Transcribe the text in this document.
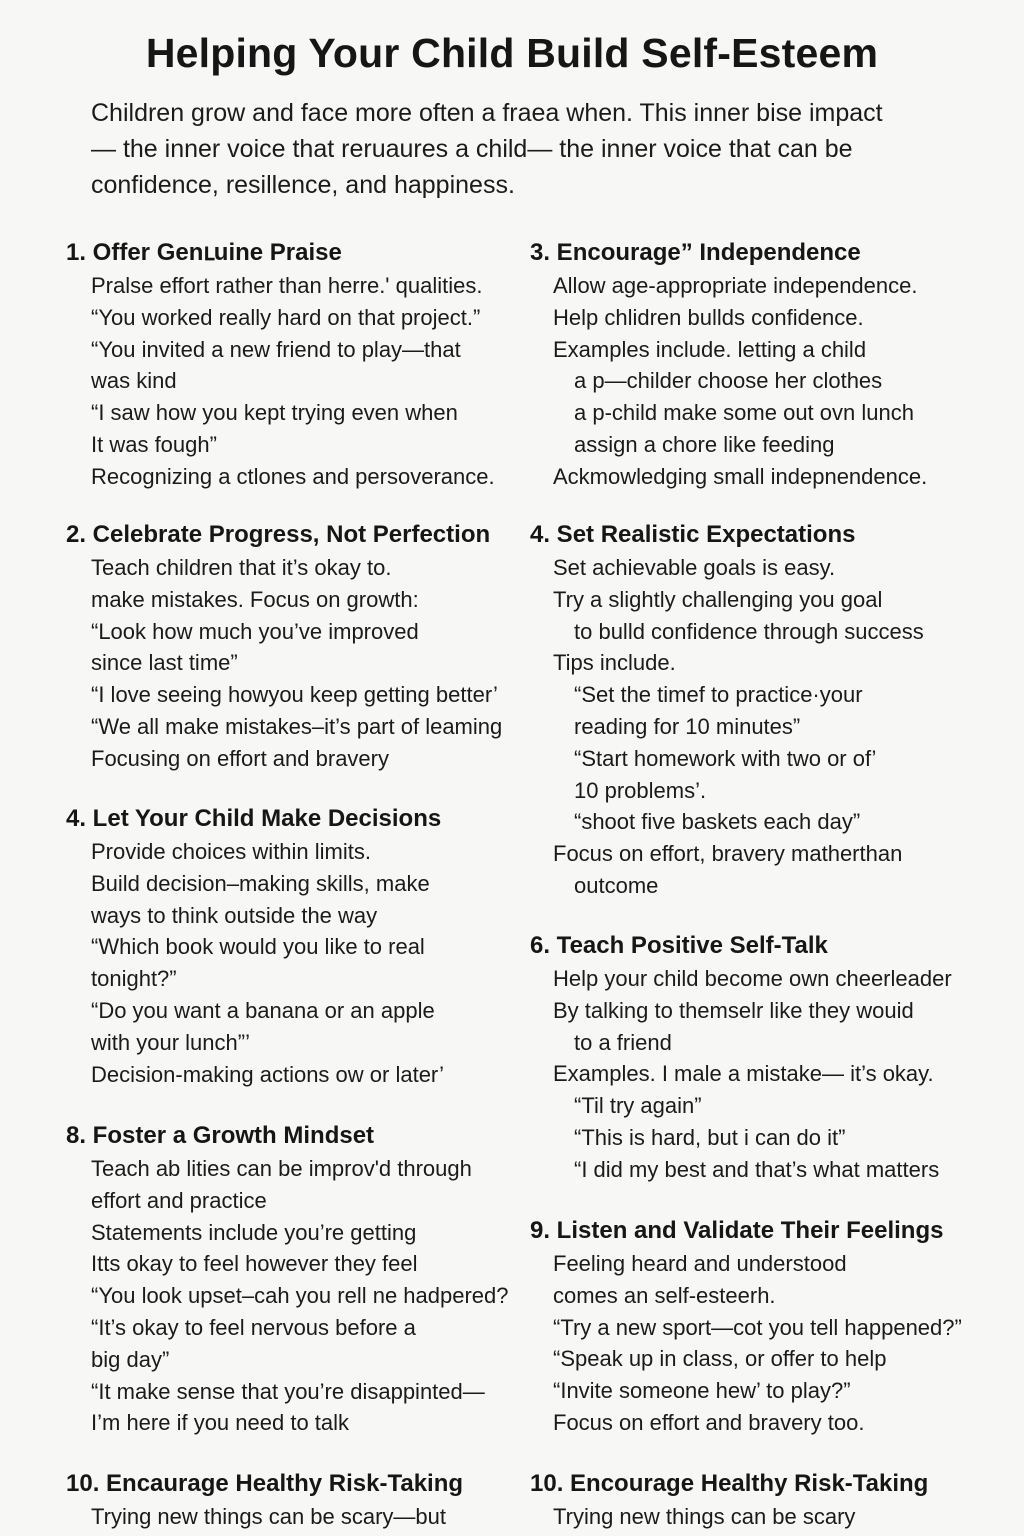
Helping Your Child Build Self-Esteem
Children grow and face more often a fraea when. This inner bise impact
— the inner voice that reruaures a child— the inner voice that can be
confidence, resillence, and happiness.
1. Offer Genւuine Praise
Pralse effort rather than herre.' qualities.
“You worked really hard on that project.”
“You invited a new friend to play—that
was kind
“I saw how you kept trying even when
It was fough”
Recognizing a ctlones and persoverance.
2. Celebrate Progress, Not Perfection
Teach children that it’s okay to.
make mistakes. Focus on growth:
“Look how much you’ve improved
since last time”
“I love seeing howyou keep getting better’
“We all make mistakes–it’s part of leaming
Focusing on effort and bravery
4. Let Your Child Make Decisions
Provide choices within limits.
Build decision–making skills, make
ways to think outside the way
“Which book would you like to real
tonight?”
“Do you want a banana or an apple
with your lunch”’
Decision-making actions ow or later’
8. Foster a Growth Mindset
Teach ab lities can be improv'd through
effort and practice
Statements include you’re getting
Itts okay to feel however they feel
“You look upset–cah you rell ne hadpered?
“It’s okay to feel nervous before a
big day”
“It make sense that you’re disappinted—
I’m here if you need to talk
10. Encaurage Healthy Risk-Taking
Trying new things can be scary—but
3. Encourage” Independence
Allow age-appropriate independence.
Help chlidren bullds confidence.
Examples include. letting a child
a p—childer choose her clothes
a p-child make some out ovn lunch
assign a chore like feeding
Ackmowledging small indepnendence.
4. Set Realistic Expectations
Set achievable goals is easy.
Try a slightly challenging you goal
to bulld confidence through success
Tips include.
“Set the timef to practice·your
reading for 10 minutes”
“Start homework with two or of’
10 problems’.
“shoot five baskets each day”
Focus on effort, bravery matherthan
outcome
6. Teach Positive Self-Talk
Help your child become own cheerleader
By talking to themselr like they wouid
to a friend
Examples. I male a mistake— it’s okay.
“Til try again”
“This is hard, but i can do it”
“I did my best and that’s what matters
9. Listen and Validate Their Feelings
Feeling heard and understood
comes an self-esteerh.
“Try a new sport—cot you tell happened?”
“Speak up in class, or offer to help
“Invite someone hew’ to play?”
Focus on effort and bravery too.
10. Encourage Healthy Risk-Taking
Trying new things can be scary
